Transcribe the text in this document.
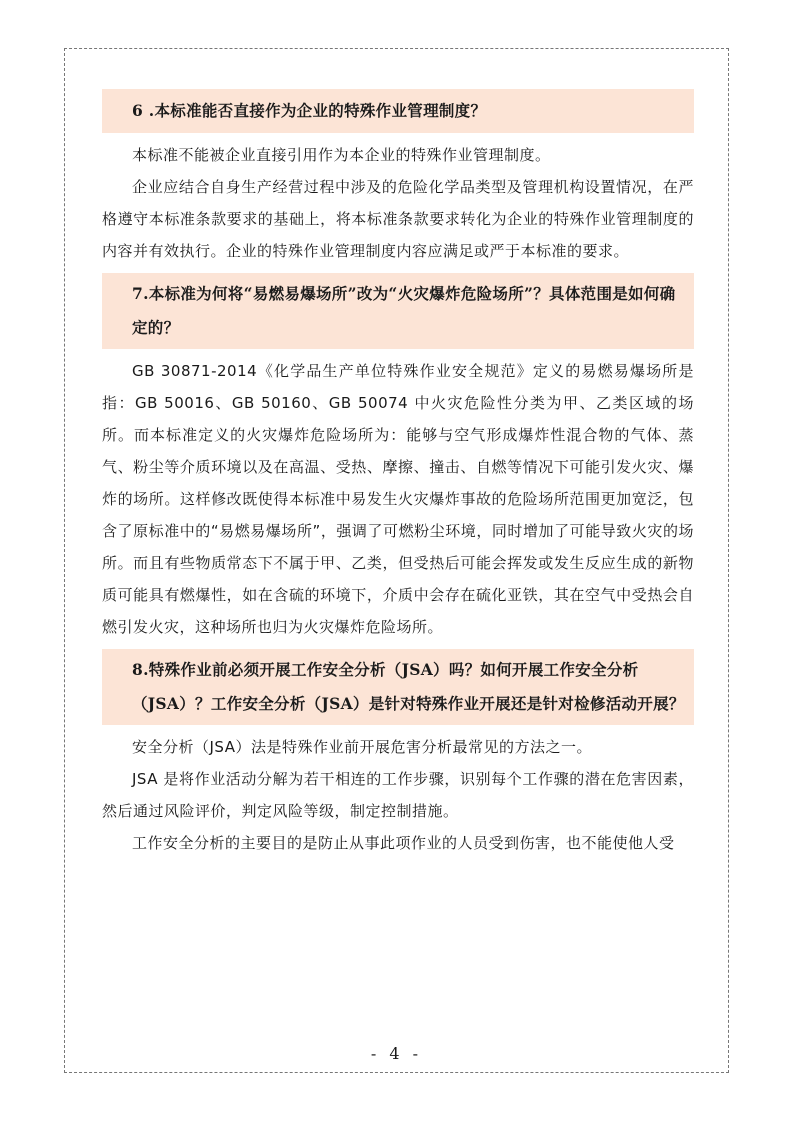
6 .本标准能否直接作为企业的特殊作业管理制度？

本标准不能被企业直接引用作为本企业的特殊作业管理制度。

企业应结合自身生产经营过程中涉及的危险化学品类型及管理机构设置情况，在严格遵守本标准条款要求的基础上，将本标准条款要求转化为企业的特殊作业管理制度的内容并有效执行。企业的特殊作业管理制度内容应满足或严于本标准的要求。

7.本标准为何将“易燃易爆场所”改为“火灾爆炸危险场所”？具体范围是如何确定的？

GB 30871-2014《化学品生产单位特殊作业安全规范》定义的易燃易爆场所是指：GB 50016、GB 50160、GB 50074 中火灾危险性分类为甲、乙类区域的场所。而本标准定义的火灾爆炸危险场所为：能够与空气形成爆炸性混合物的气体、蒸气、粉尘等介质环境以及在高温、受热、摩擦、撞击、自燃等情况下可能引发火灾、爆炸的场所。这样修改既使得本标准中易发生火灾爆炸事故的危险场所范围更加宽泛，包含了原标准中的“易燃易爆场所”，强调了可燃粉尘环境，同时增加了可能导致火灾的场所。而且有些物质常态下不属于甲、乙类，但受热后可能会挥发或发生反应生成的新物质可能具有燃爆性，如在含硫的环境下，介质中会存在硫化亚铁，其在空气中受热会自燃引发火灾，这种场所也归为火灾爆炸危险场所。

8.特殊作业前必须开展工作安全分析（JSA）吗？如何开展工作安全分析（JSA）？工作安全分析（JSA）是针对特殊作业开展还是针对检修活动开展？

安全分析（JSA）法是特殊作业前开展危害分析最常见的方法之一。

JSA 是将作业活动分解为若干相连的工作步骤，识别每个工作骤的潜在危害因素，然后通过风险评价，判定风险等级，制定控制措施。

工作安全分析的主要目的是防止从事此项作业的人员受到伤害，也不能使他人受

- 4 -
